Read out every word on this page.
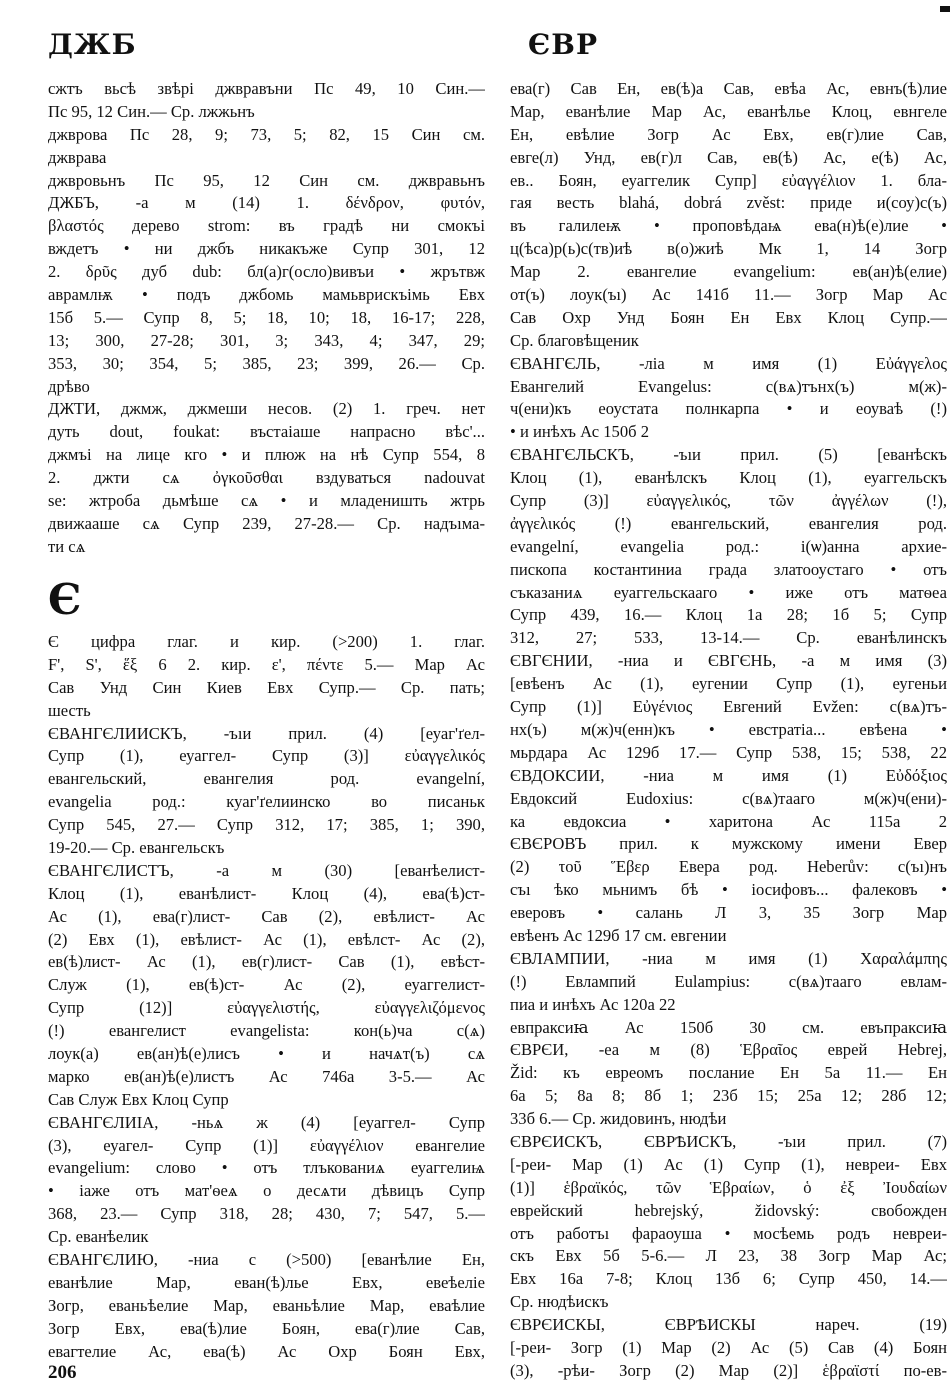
ДЖБ	ЄВР
сжтъ вьсѣ звѣрі джвравъни Пс 49, 10 Син.—
Пс 95, 12 Син.— Ср. лжжьнъ
джврова Пс 28, 9; 73, 5; 82, 15 Син см.
джврава
джвровьнъ Пс 95, 12 Син см. джвравьнъ
ДЖБЪ, -а м (14) 1. δένδρον, φυτόν,
βλαστός дерево strom: въ градѣ ни смокъі
вждетъ • ни джбъ никакъже Супр 301, 12
2. δρῦς дуб dub: бл(а)г(осло)вивъи • жрътвж
аврамлѭ • подъ джбомь мамьврискъімь Евх
15б 5.— Супр 8, 5; 18, 10; 18, 16-17; 228,
13; 300, 27-28; 301, 3; 343, 4; 347, 29;
353, 30; 354, 5; 385, 23; 399, 26.— Ср.
дрѣво
ДЖТИ, джмж, джмеши несов. (2) 1. греч. нет
дуть dout, foukat: въстаіаше напрасно вѣс'...
джмъі на лице кго • и плюж на нѣ Супр 554, 8
2. джти сѧ ὀγκοῦσθαι вздуваться nadouvat
se: жтроба дьмѣше сѧ • и младеништь жтрь
движааше сѧ Супр 239, 27-28.— Ср. надъıма-
ти сѧ
Є
Є цифра глаг. и кир. (>200) 1. глаг.
F', S', ἕξ 6 2. кир. ε', πέντε 5.— Мар Ас
Сав Унд Син Киев Евх Супр.— Ср. пать;
шесть
ЄВАНГЄЛИИСКЪ, -ъıи прил. (4) [еуаг'ґел-
Супр (1), еуаггел- Супр (3)] εὐαγγελικός
евангельский, евангелия род. evangelní,
evangelia род.: куаг'ґелиинско во писаньк
Супр 545, 27.— Супр 312, 17; 385, 1; 390,
19-20.— Ср. евангельскъ
ЄВАНГЄЛИСТЪ, -а м (30) [еванѣелист-
Клоц (1), еванѣлист- Клоц (4), ева(ѣ)ст-
Ас (1), ева(г)лист- Сав (2), евѣлист- Ас
(2) Евх (1), евѣлист- Ас (1), евѣлст- Ас (2),
ев(ѣ)лист- Ас (1), ев(г)лист- Сав (1), евѣст-
Служ (1), ев(ѣ)ст- Ас (2), еуаггелист-
Супр (12)] εὐαγγελιστής, εὐαγγελιζόμενος
(!) евангелист evangelista: кон(ь)ча с(ѧ)
лоук(а) ев(ан)ѣ(е)лисъ • и начѧт(ъ) сѧ
марко ев(ан)ѣ(е)листъ Ас 746а 3-5.— Ас
Сав Служ Евх Клоц Супр
ЄВАНГЄЛИІА, -ньѧ ж (4) [еуаггел- Супр
(3), еуагел- Супр (1)] εὐαγγέλιον евангелие
evangelium: слово • отъ тлъкованиѧ еуаггелиѩ
• іаже отъ мат'ѳеѧ о десѧти дѣвицъ Супр
368, 23.— Супр 318, 28; 430, 7; 547, 5.—
Ср. еванѣелик
ЄВАНГЄЛИЮ, -ниа с (>500) [еванѣлие Ен,
еванѣлие Мар, еван(ѣ)лье Евх, евеѣеліе
Зогр, еваньѣелие Мар, еваньѣлие Мар, еваѣлие
Зогр Евх, ева(ѣ)лие Боян, ева(г)лие Сав,
евагтелие Ас, ева(ѣ) Ас Охр Боян Евх,
ева(г) Сав Ен, ев(ѣ)а Сав, евѣа Ас, евнъ(ѣ)лие
Мар, еванѣлие Мар Ас, еванѣлье Клоц, евнгеле
Ен, евѣлие Зогр Ас Евх, ев(г)лие Сав,
евге(л) Унд, ев(г)л Сав, ев(ѣ) Ас, е(ѣ) Ас,
ев.. Боян, еуаггелик Супр] εὐαγγέλιον 1. бла-
гая весть blahá, dobrá zvěst: приде и(соу)с(ъ)
въ галилеѭ • проповѣдаѩ ева(н)ѣ(е)лие •
ц(ѣса)р(ь)с(тв)иѣ в(о)жиѣ Мк 1, 14 Зогр
Мар 2. евангелие evangelium: ев(ан)ѣ(елие)
от(ъ) лоук(ъı) Ас 141б 11.— Зогр Мар Ас
Сав Охр Унд Боян Ен Евх Клоц Супр.—
Ср. благовѣщеник
ЄВАНГЄЛЬ, -ліа м имя (1) Εὐάγγελος
Евангелий Evangelus: с(вѧ)тънх(ъ) м(ж)-
ч(ени)къ еоустата полнкарпа • и еоуваѣ (!)
• и инѣхъ Ас 150б 2
ЄВАНГЄЛЬСКЪ, -ъıи прил. (5) [еванѣскъ
Клоц (1), еванѣлскъ Клоц (1), еуаггельскъ
Супр (3)] εὐαγγελικός, τῶν ἀγγέλων (!),
ἀγγελικός (!) евангельский, евангелия род.
evangelní, evangelia род.: і(ѡ)анна архие-
пископа костантиниа града златооустаго • отъ
съказаниѧ еуаггельскааго • иже отъ матѳеа
Супр 439, 16.— Клоц 1а 28; 1б 5; Супр
312, 27; 533, 13-14.— Ср. еванѣлинскъ
ЄВГЄНИИ, -ниа и ЄВГЄНЬ, -а м имя (3)
[евѣенъ Ас (1), еугении Супр (1), еугеньи
Супр (1)] Εὐγένιος Евгений Evžen: с(вѧ)тъ-
нх(ъ) м(ж)ч(енн)къ • евстратіа... евѣена •
мьрдара Ас 129б 17.— Супр 538, 15; 538, 22
ЄВДОКСИИ, -ниа м имя (1) Εὐδόξιος
Евдоксий Eudoxius: с(вѧ)тааго м(ж)ч(ени)-
ка евдоксиа • харитона Ас 115а 2
ЄВЄРОВЪ прил. к мужскому имени Евер
(2) τοῦ Ἕβερ Евера род. Heberův: с(ъı)нъ
съı ѣко мьнимъ бѣ • іосифовъ... фалековъ •
еверовъ • салань Л 3, 35 Зогр Мар
евѣенъ Ас 129б 17 см. евгении
ЄВЛАМПИИ, -ниа м имя (1) Χαραλάμπης
(!) Евлампий Eulampius: с(вѧ)тааго евлам-
пиа и инѣхъ Ас 120а 22
евпраксиꙗ Ас 150б 30 см. евъпраксиꙗ
ЄВРЄИ, -еа м (8) Ἑβραῖος еврей Hebrej,
Žid: къ евреомъ послание Ен 5а 11.— Ен
6а 5; 8а 8; 8б 1; 23б 15; 25а 12; 28б 12;
33б 6.— Ср. жидовинъ, нюдѣи
ЄВРЄИСКЪ, ЄВРѢИСКЪ, -ъıи прил. (7)
[-реи- Мар (1) Ас (1) Супр (1), невреи- Евх
(1)] ἑβραϊκός, τῶν Ἑβραίων, ὁ ἐξ Ἰουδαίων
еврейский hebrejský, židovský: свобожден
отъ работъı фараоуша • мосѣемь родъ невреи-
скъ Евх 5б 5-6.— Л 23, 38 Зогр Мар Ас;
Евх 16а 7-8; Клоц 13б 6; Супр 450, 14.—
Ср. нюдѣискъ
ЄВРЄИСКЫ, ЄВРѢИСКЫ нареч. (19)
[-реи- Зогр (1) Мар (2) Ас (5) Сав (4) Боян
(3), -рѣи- Зогр (2) Мар (2)] ἑβραϊστί по-ев-
206
